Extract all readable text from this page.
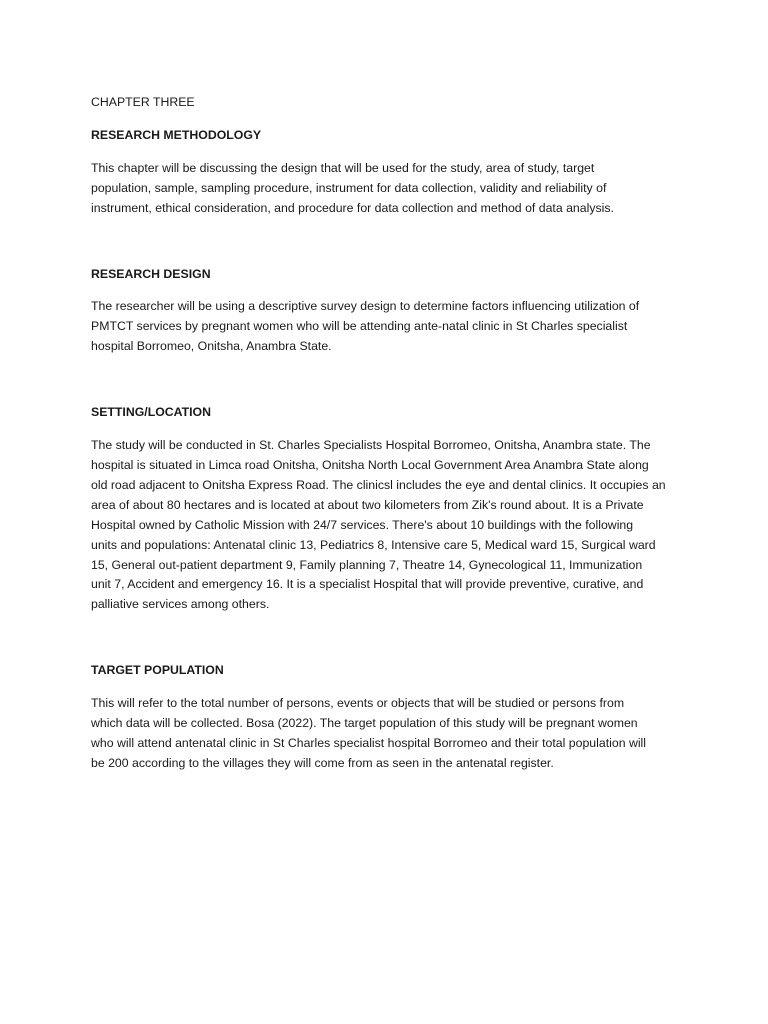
CHAPTER THREE

RESEARCH METHODOLOGY

This chapter will be discussing the design that will be used for the study, area of study, target
population, sample, sampling procedure, instrument for data collection, validity and reliability of
instrument, ethical consideration, and procedure for data collection and method of data analysis.

RESEARCH DESIGN

The researcher will be using a descriptive survey design to determine factors influencing utilization of
PMTCT services by pregnant women who will be attending ante-natal clinic in St Charles specialist
hospital Borromeo, Onitsha, Anambra State.

SETTING/LOCATION

The study will be conducted in St. Charles Specialists Hospital Borromeo, Onitsha, Anambra state. The
hospital is situated in Limca road Onitsha, Onitsha North Local Government Area Anambra State along
old road adjacent to Onitsha Express Road. The clinicsl includes the eye and dental clinics. It occupies an
area of about 80 hectares and is located at about two kilometers from Zik's round about. It is a Private
Hospital owned by Catholic Mission with 24/7 services. There's about 10 buildings with the following
units and populations: Antenatal clinic 13, Pediatrics 8, Intensive care 5, Medical ward 15, Surgical ward
15, General out-patient department 9, Family planning 7, Theatre 14, Gynecological 11, Immunization
unit 7, Accident and emergency 16. It is a specialist Hospital that will provide preventive, curative, and
palliative services among others.

TARGET POPULATION

This will refer to the total number of persons, events or objects that will be studied or persons from
which data will be collected. Bosa (2022). The target population of this study will be pregnant women
who will attend antenatal clinic in St Charles specialist hospital Borromeo and their total population will
be 200 according to the villages they will come from as seen in the antenatal register.
